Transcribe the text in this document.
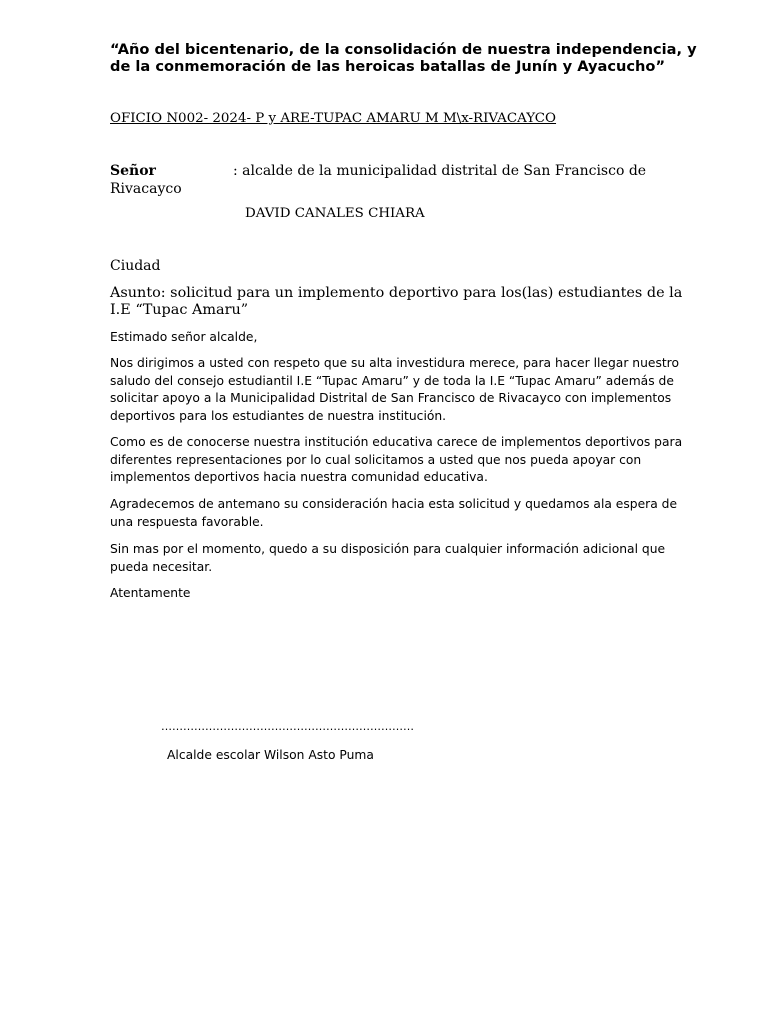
“Año del bicentenario, de la consolidación de nuestra independencia, y de la conmemoración de las heroicas batallas de Junín y Ayacucho”
OFICIO N002- 2024- P y ARE-TUPAC AMARU M M\x-RIVACAYCO
Señor	: alcalde de la municipalidad distrital de San Francisco de Rivacayco
DAVID CANALES CHIARA
Ciudad
Asunto: solicitud para un implemento deportivo para los(las) estudiantes de la I.E “Tupac Amaru”

Estimado señor alcalde,

Nos dirigimos a usted con respeto que su alta investidura merece, para hacer llegar nuestro saludo del consejo estudiantil I.E “Tupac Amaru” y de toda la I.E “Tupac Amaru” además de solicitar apoyo a la Municipalidad Distrital de San Francisco de Rivacayco con implementos deportivos para los estudiantes de nuestra institución.

Como es de conocerse nuestra institución educativa carece de implementos deportivos para diferentes representaciones por lo cual solicitamos a usted que nos pueda apoyar con implementos deportivos hacia nuestra comunidad educativa.

Agradecemos de antemano su consideración hacia esta solicitud y quedamos ala espera de una respuesta favorable.

Sin mas por el momento, quedo a su disposición para cualquier información adicional que pueda necesitar.

Atentamente

……………………………………………………………
Alcalde escolar Wilson Asto Puma
